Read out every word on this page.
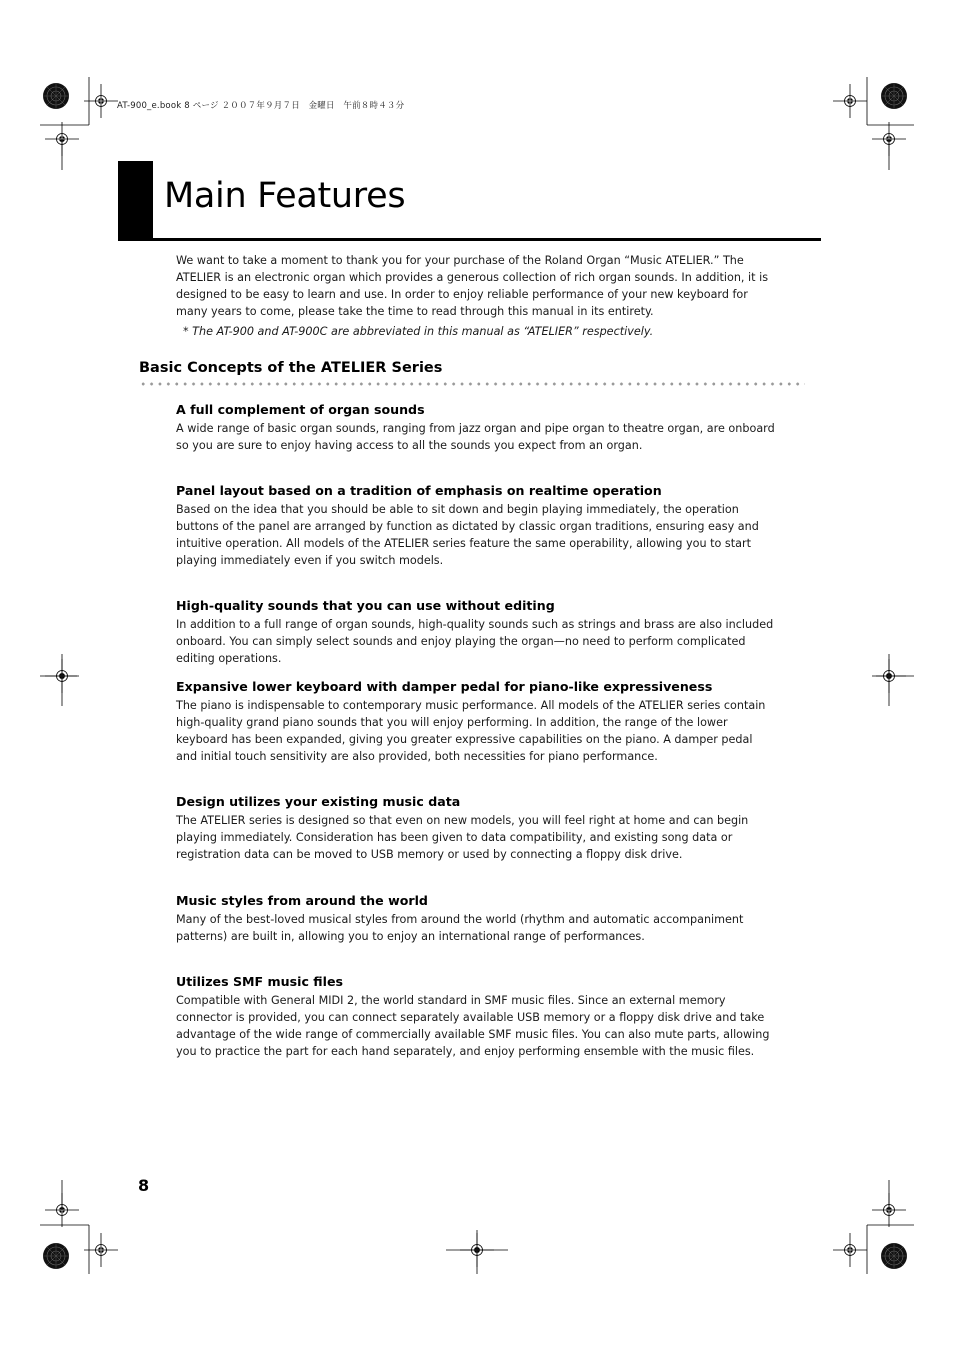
AT-900_e.book 8 ページ ２００７年９月７日　金曜日　午前８時４３分
Main Features

We want to take a moment to thank you for your purchase of the Roland Organ “Music ATELIER.” The ATELIER is an electronic organ which provides a generous collection of rich organ sounds. In addition, it is designed to be easy to learn and use. In order to enjoy reliable performance of your new keyboard for many years to come, please take the time to read through this manual in its entirety.

* The AT-900 and AT-900C are abbreviated in this manual as “ATELIER” respectively.

Basic Concepts of the ATELIER Series
A full complement of organ sounds

A wide range of basic organ sounds, ranging from jazz organ and pipe organ to theatre organ, are onboard so you are sure to enjoy having access to all the sounds you expect from an organ.

Panel layout based on a tradition of emphasis on realtime operation

Based on the idea that you should be able to sit down and begin playing immediately, the operation buttons of the panel are arranged by function as dictated by classic organ traditions, ensuring easy and intuitive operation. All models of the ATELIER series feature the same operability, allowing you to start playing immediately even if you switch models.

High-quality sounds that you can use without editing

In addition to a full range of organ sounds, high-quality sounds such as strings and brass are also included onboard. You can simply select sounds and enjoy playing the organ—no need to perform complicated editing operations.

Expansive lower keyboard with damper pedal for piano-like expressiveness

The piano is indispensable to contemporary music performance. All models of the ATELIER series contain high-quality grand piano sounds that you will enjoy performing. In addition, the range of the lower keyboard has been expanded, giving you greater expressive capabilities on the piano. A damper pedal and initial touch sensitivity are also provided, both necessities for piano performance.

Design utilizes your existing music data

The ATELIER series is designed so that even on new models, you will feel right at home and can begin playing immediately. Consideration has been given to data compatibility, and existing song data or registration data can be moved to USB memory or used by connecting a floppy disk drive.

Music styles from around the world

Many of the best-loved musical styles from around the world (rhythm and automatic accompaniment patterns) are built in, allowing you to enjoy an international range of performances.

Utilizes SMF music files

Compatible with General MIDI 2, the world standard in SMF music files. Since an external memory connector is provided, you can connect separately available USB memory or a floppy disk drive and take advantage of the wide range of commercially available SMF music files. You can also mute parts, allowing you to practice the part for each hand separately, and enjoy performing ensemble with the music files.

8
